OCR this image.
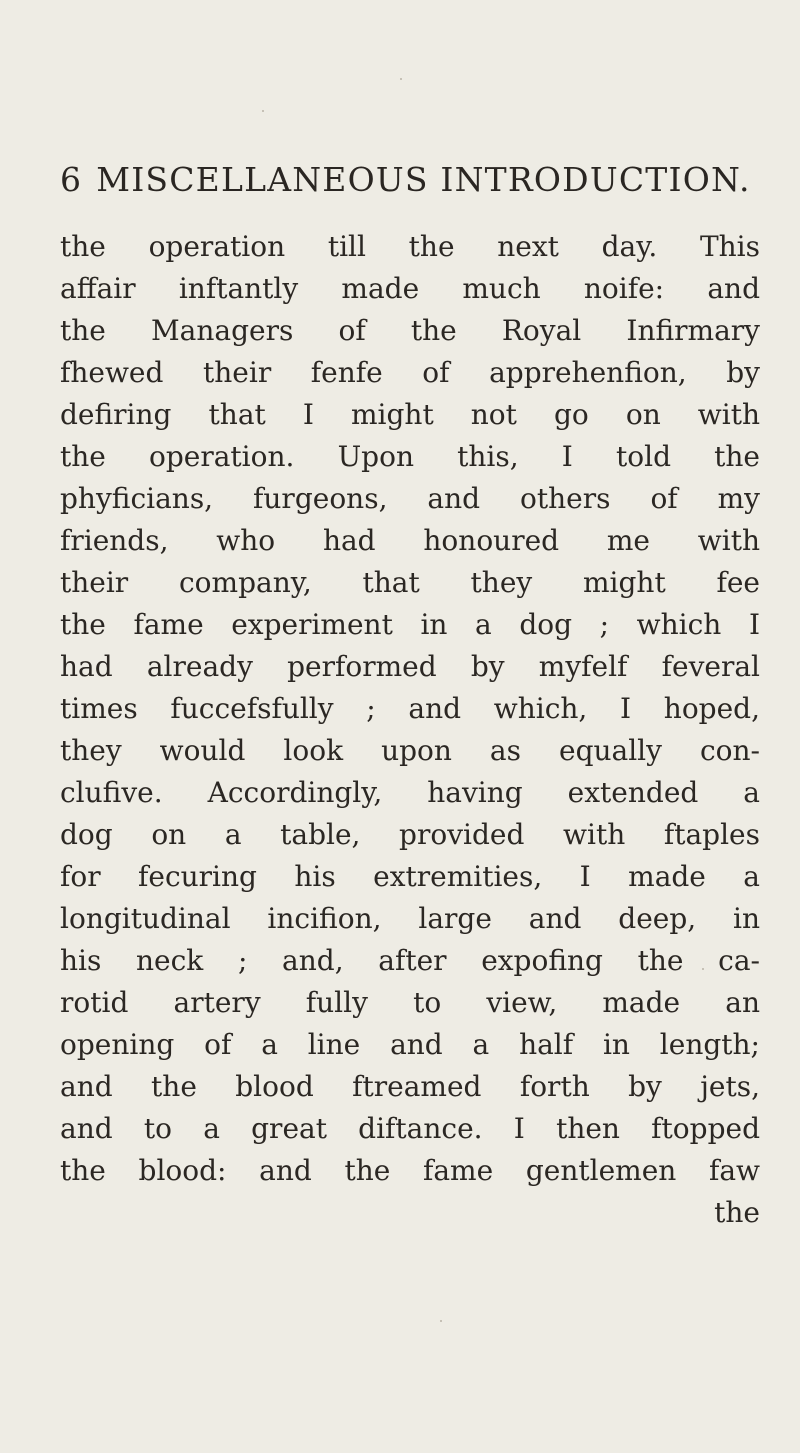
6 MISCELLANEOUS INTRODUCTION.
the operation till the next day. This
affair inftantly made much noife: and
the Managers of the Royal Infirmary
fhewed their fenfe of apprehenfion, by
defiring that I might not go on with
the operation. Upon this, I told the
phyficians, furgeons, and others of my
friends, who had honoured me with
their company, that they might fee
the fame experiment in a dog ; which I
had already performed by myfelf feveral
times fuccefsfully ; and which, I hoped,
they would look upon as equally con-
clufive. Accordingly, having extended a
dog on a table, provided with ftaples
for fecuring his extremities, I made a
longitudinal incifion, large and deep, in
his neck ; and, after expofing the ca-
rotid artery fully to view, made an
opening of a line and a half in length;
and the blood ftreamed forth by jets,
and to a great diftance. I then ftopped
the blood: and the fame gentlemen faw
the
